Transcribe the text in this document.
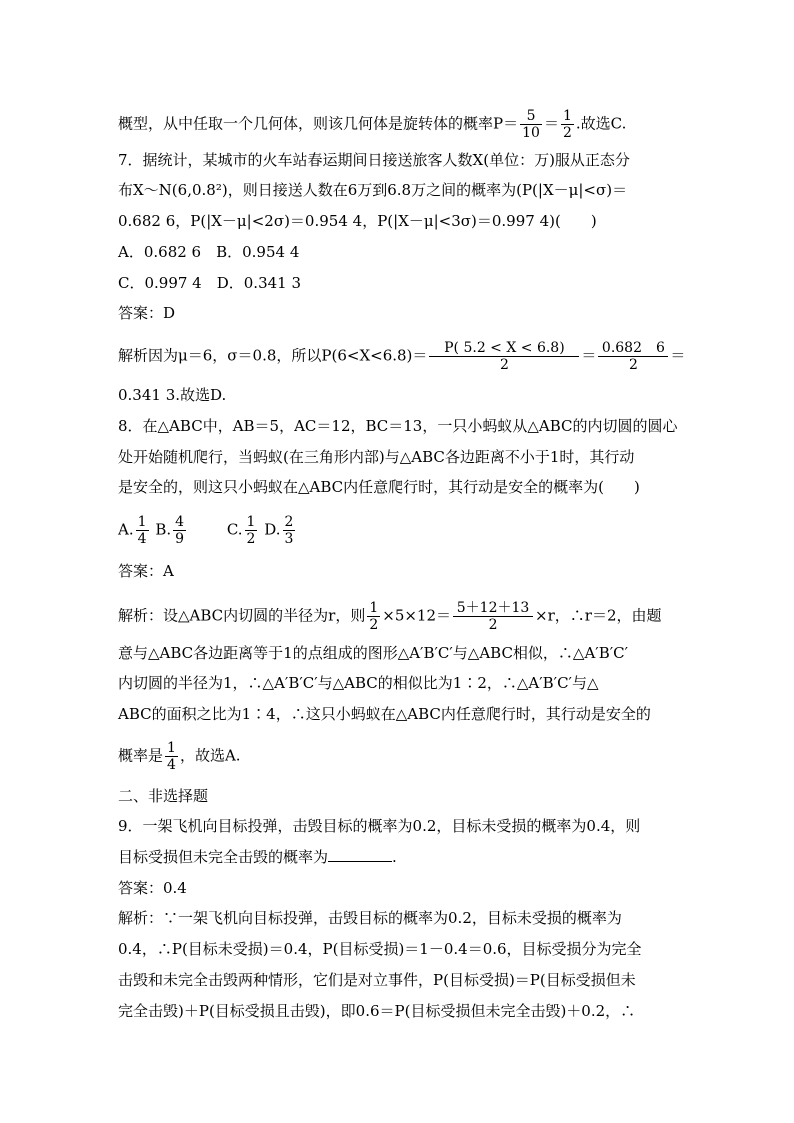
概型，从中任取一个几何体，则该几何体是旋转体的概率$P= \frac{5}{10} = \frac{1}{2}$ .故选C.
7．据统计，某城市的火车站春运期间日接送旅客人数X(单位：万)服从正态分
布X～N(6,0.8²)，则日接送人数在6万到6.8万之间的概率为(P(|X－μ|<σ)＝
0.682 6，P(|X－μ|<2σ)＝0.954 4，P(|X－μ|<3σ)＝0.997 4)(　　)
A．0.682 6　B．0.954 4
C．0.997 4　D．0.341 3
答案：D
解析因为μ＝6，σ＝0.8，所以$P(6<X<6.8)= \frac{P( 5.2 < X < 6.8)}{2} = \frac{0.682 6}{2}$ ＝
0.341 3.故选D.
8．在△ABC中，AB＝5，AC＝12，BC＝13，一只小蚂蚁从△ABC的内切圆的圆心
处开始随机爬行，当蚂蚁(在三角形内部)与△ABC各边距离不小于1时，其行动
是安全的，则这只小蚂蚁在△ABC内任意爬行时，其行动是安全的概率为(　　)
A. $\frac{1}{4} B$. $\frac{4}{9}$	C. $\frac{1}{2} D$. $\frac{2}{3}$
答案：A
解析：设△ABC内切圆的半径为r，则 $\frac{1}{2} \times 5\times 12= \frac{5+12+13}{2} \times r$，∴r＝2，由题
意与△ABC各边距离等于1的点组成的图形△A′B′C′与△ABC相似，∴△A′B′C′
内切圆的半径为1，∴△A′B′C′与△ABC的相似比为1∶2，∴△A′B′C′与△
ABC的面积之比为1∶4，∴这只小蚂蚁在△ABC内任意爬行时，其行动是安全的
概率是 $\frac{1}{4}$ ，故选A.
二、非选择题
9．一架飞机向目标投弹，击毁目标的概率为0.2，目标未受损的概率为0.4，则
目标受损但未完全击毁的概率为	.
答案：0.4
解析：∵一架飞机向目标投弹，击毁目标的概率为0.2，目标未受损的概率为
0.4，∴P(目标未受损)＝0.4，P(目标受损)＝1－0.4＝0.6，目标受损分为完全
击毁和未完全击毁两种情形，它们是对立事件，P(目标受损)＝P(目标受损但未
完全击毁)＋P(目标受损且击毁)，即0.6＝P(目标受损但未完全击毁)＋0.2，∴
